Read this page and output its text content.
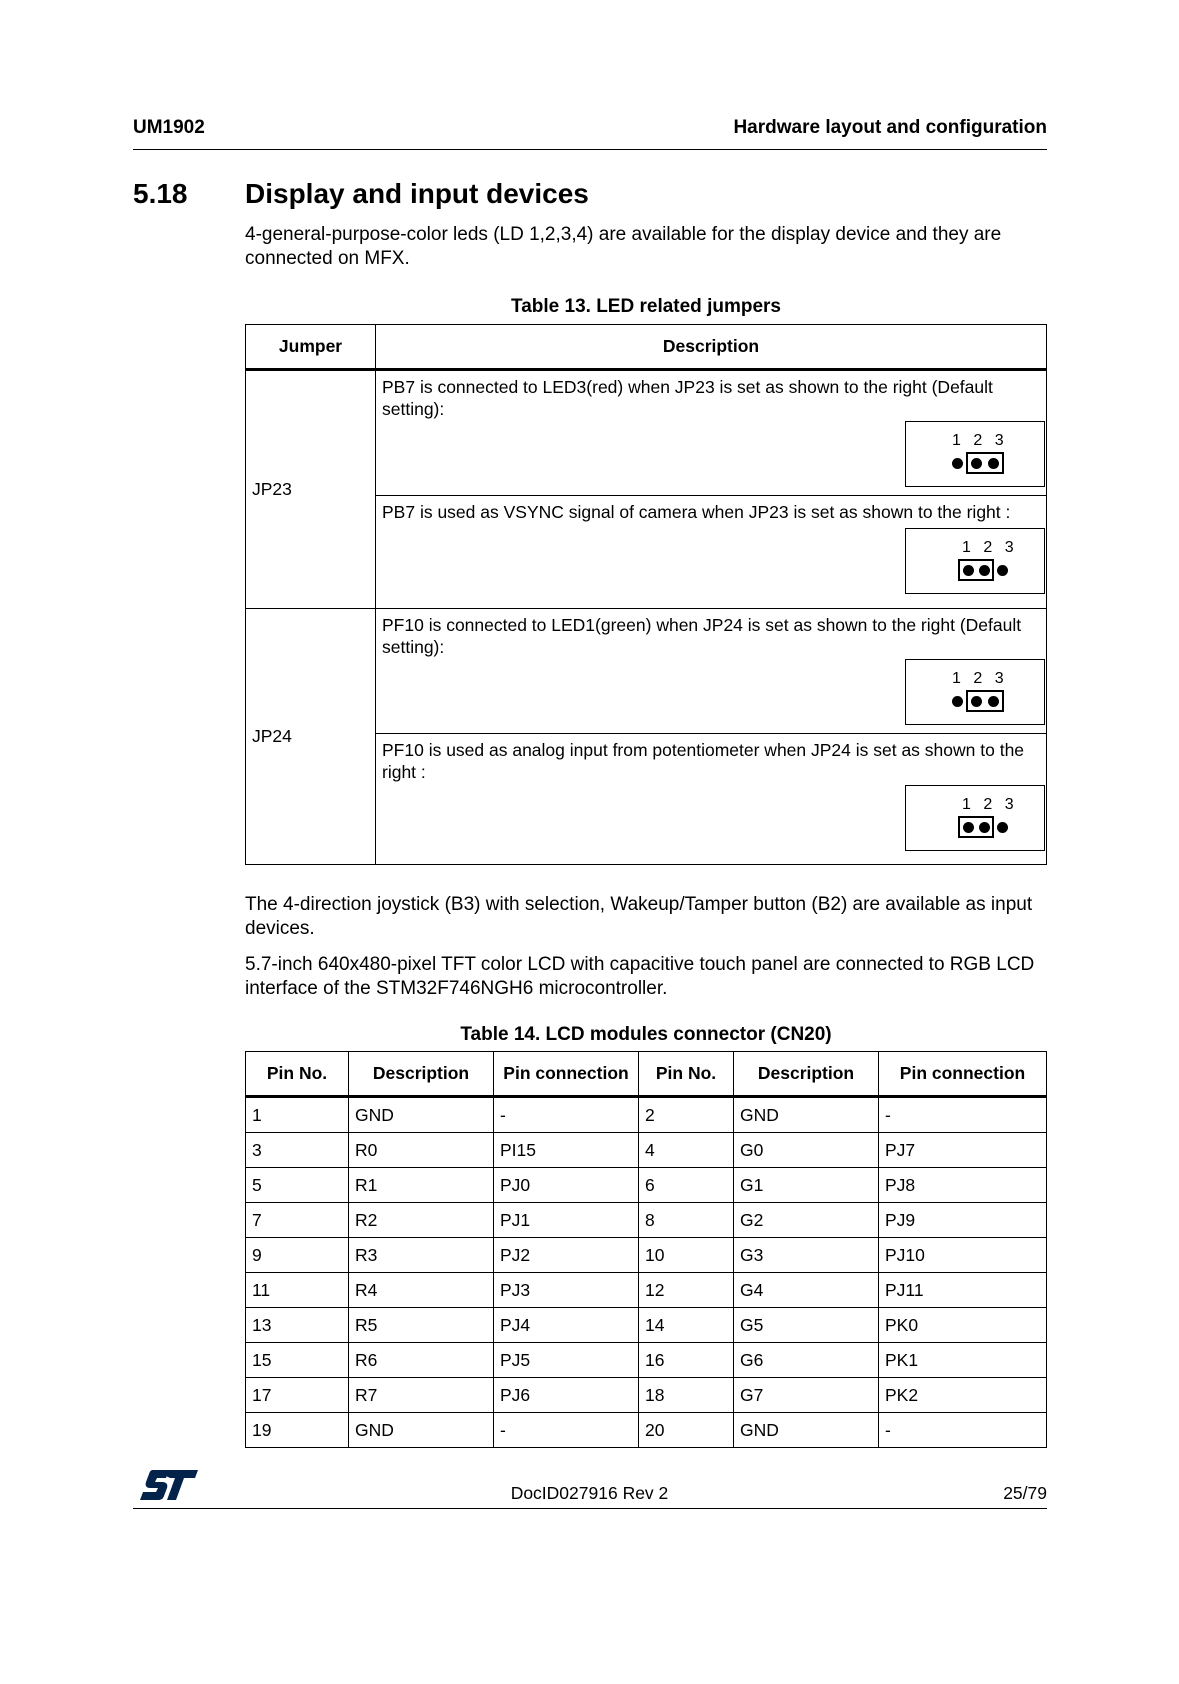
UM1902	Hardware layout and configuration
5.18 Display and input devices
4-general-purpose-color leds (LD 1,2,3,4) are available for the display device and they are connected on MFX.
Table 13. LED related jumpers
Jumper	Description
JP23	PB7 is connected to LED3(red) when JP23 is set as shown to the right (Default setting):
1 2 3

	PB7 is used as VSYNC signal of camera when JP23 is set as shown to the right :
1 2 3

JP24	PF10 is connected to LED1(green) when JP24 is set as shown to the right (Default setting):
1 2 3

	PF10 is used as analog input from potentiometer when JP24 is set as shown to the right :
1 2 3
The 4-direction joystick (B3) with selection, Wakeup/Tamper button (B2) are available as input devices.
5.7-inch 640x480-pixel TFT color LCD with capacitive touch panel are connected to RGB LCD interface of the STM32F746NGH6 microcontroller.
Table 14. LCD modules connector (CN20)
Pin No.	Description	Pin connection	Pin No.	Description	Pin connection
1	GND	-	2	GND	-
3	R0	PI15	4	G0	PJ7
5	R1	PJ0	6	G1	PJ8
7	R2	PJ1	8	G2	PJ9
9	R3	PJ2	10	G3	PJ10
11	R4	PJ3	12	G4	PJ11
13	R5	PJ4	14	G5	PK0
15	R6	PJ5	16	G6	PK1
17	R7	PJ6	18	G7	PK2
19	GND	-	20	GND	-
ST
DocID027916 Rev 2	25/79
